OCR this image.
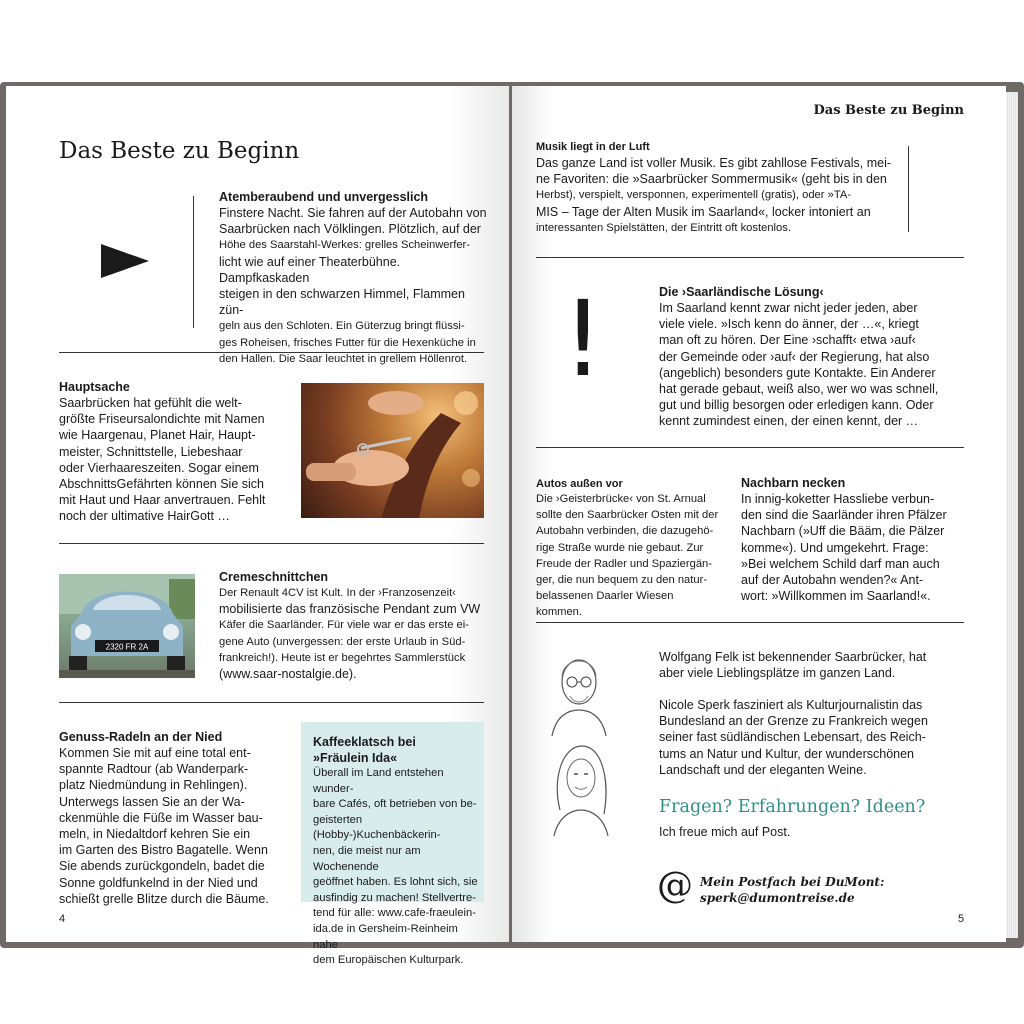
Das Beste zu Beginn
Atemberaubend und unvergesslich
Finstere Nacht. Sie fahren auf der Autobahn von
Saarbrücken nach Völklingen. Plötzlich, auf der
Höhe des Saarstahl-Werkes: grelles Scheinwerfer-
licht wie auf einer Theaterbühne. Dampfkaskaden
steigen in den schwarzen Himmel, Flammen zün-
geln aus den Schloten. Ein Güterzug bringt flüssi-
ges Roheisen, frisches Futter für die Hexenküche in
den Hallen. Die Saar leuchtet in grellem Höllenrot.
Hauptsache
Saarbrücken hat gefühlt die welt-
größte Friseursalondichte mit Namen
wie Haargenau, Planet Hair, Haupt-
meister, Schnittstelle, Liebeshaar
oder Vierhaareszeiten. Sogar einem
AbschnittsGefährten können Sie sich
mit Haut und Haar anvertrauen. Fehlt
noch der ultimative HairGott …
2320 FR 2A
Cremeschnittchen
Der Renault 4CV ist Kult. In der ›Franzosenzeit‹
mobilisierte das französische Pendant zum VW
Käfer die Saarländer. Für viele war er das erste ei-
gene Auto (unvergessen: der erste Urlaub in Süd-
frankreich!). Heute ist er begehrtes Sammlerstück
(www.saar-nostalgie.de).
Genuss-Radeln an der Nied
Kommen Sie mit auf eine total ent-
spannte Radtour (ab Wanderpark-
platz Niedmündung in Rehlingen).
Unterwegs lassen Sie an der Wa-
ckenmühle die Füße im Wasser bau-
meln, in Niedaltdorf kehren Sie ein
im Garten des Bistro Bagatelle. Wenn
Sie abends zurückgondeln, badet die
Sonne goldfunkelnd in der Nied und
schießt grelle Blitze durch die Bäume.
Kaffeeklatsch bei
»Fräulein Ida«
Überall im Land entstehen wunder-
bare Cafés, oft betrieben von be-
geisterten (Hobby-)Kuchenbäckerin-
nen, die meist nur am Wochenende
geöffnet haben. Es lohnt sich, sie
ausfindig zu machen! Stellvertre-
tend für alle: www.cafe-fraeulein-
ida.de in Gersheim-Reinheim nahe
dem Europäischen Kulturpark.
4
Das Beste zu Beginn
Musik liegt in der Luft
Das ganze Land ist voller Musik. Es gibt zahllose Festivals, mei-
ne Favoriten: die »Saarbrücker Sommermusik« (geht bis in den
Herbst), verspielt, versponnen, experimentell (gratis), oder »TA-
MIS – Tage der Alten Musik im Saarland«, locker intoniert an
interessanten Spielstätten, der Eintritt oft kostenlos.
!	Die ›Saarländische Lösung‹
Im Saarland kennt zwar nicht jeder jeden, aber
viele viele. »Isch kenn do änner, der …«, kriegt
man oft zu hören. Der Eine ›schafft‹ etwa ›auf‹
der Gemeinde oder ›auf‹ der Regierung, hat also
(angeblich) besonders gute Kontakte. Ein Anderer
hat gerade gebaut, weiß also, wer wo was schnell,
gut und billig besorgen oder erledigen kann. Oder
kennt zumindest einen, der einen kennt, der …
Autos außen vor
Die ›Geisterbrücke‹ von St. Arnual
sollte den Saarbrücker Osten mit der
Autobahn verbinden, die dazugehö-
rige Straße wurde nie gebaut. Zur
Freude der Radler und Spaziergän-
ger, die nun bequem zu den natur-
belassenen Daarler Wiesen kommen.
Nachbarn necken
In innig-koketter Hassliebe verbun-
den sind die Saarländer ihren Pfälzer
Nachbarn (»Uff die Bääm, die Pälzer
komme«). Und umgekehrt. Frage:
»Bei welchem Schild darf man auch
auf der Autobahn wenden?« Ant-
wort: »Willkommen im Saarland!«.
Wolfgang Felk ist bekennender Saarbrücker, hat
aber viele Lieblingsplätze im ganzen Land.
Nicole Sperk fasziniert als Kulturjournalistin das
Bundesland an der Grenze zu Frankreich wegen
seiner fast südländischen Lebensart, des Reich-
tums an Natur und Kultur, der wunderschönen
Landschaft und der eleganten Weine.
Fragen? Erfahrungen? Ideen?
Ich freue mich auf Post.
@ Mein Postfach bei DuMont:
sperk@dumontreise.de
5
